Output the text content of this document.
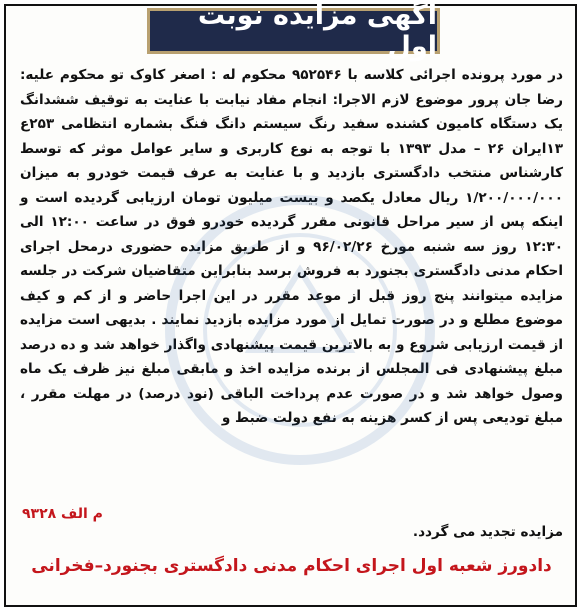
آگهی مزایده نوبت اول
در مورد پرونده اجرائی کلاسه با ۹۵۲۵۴۶ محکوم له : اصغر کاوک تو محکوم علیه: رضا جان پرور موضوع لازم الاجرا: انجام مفاد نیابت با عنایت به توقیف ششدانگ یک دستگاه کامیون کشنده سفید رنگ سیستم دانگ فنگ بشماره انتظامی ۲۵۳ع ۱۳ایران ۲۶ – مدل ۱۳۹۳ با توجه به نوع کاربری و سایر عوامل موثر که توسط کارشناس منتخب دادگستری بازدید و با عنایت به عرف قیمت خودرو به میزان ۱/۲۰۰/۰۰۰/۰۰۰ ریال معادل یکصد و بیست میلیون تومان ارزیابی گردیده است و اینکه پس از سیر مراحل قانونی مقرر گردیده خودرو فوق در ساعت ۱۲:۰۰ الی ۱۲:۳۰ روز سه شنبه مورخ ۹۶/۰۲/۲۶ و از طریق مزایده حضوری درمحل اجرای احکام مدنی دادگستری بجنورد به فروش برسد بنابراین متقاضیان شرکت در جلسه مزایده میتوانند پنج روز قبل از موعد مقرر در این اجرا حاضر و از کم و کیف موضوع مطلع و در صورت تمایل از مورد مزایده بازدید نمایند . بدیهی است مزایده از قیمت ارزیابی شروع و به بالاترین قیمت پیشنهادی واگذار خواهد شد و ده درصد مبلغ پیشنهادی فی المجلس از برنده مزایده اخذ و مابقی مبلغ نیز ظرف یک ماه وصول خواهد شد و در صورت عدم پرداخت الباقی (نود درصد) در مهلت مقرر ، مبلغ تودیعی پس از کسر هزینه به نفع دولت ضبط و
م الف ۹۳۲۸
مزایده تجدید می گردد.
دادورز شعبه اول اجرای احکام مدنی دادگستری بجنورد–فخرانی
